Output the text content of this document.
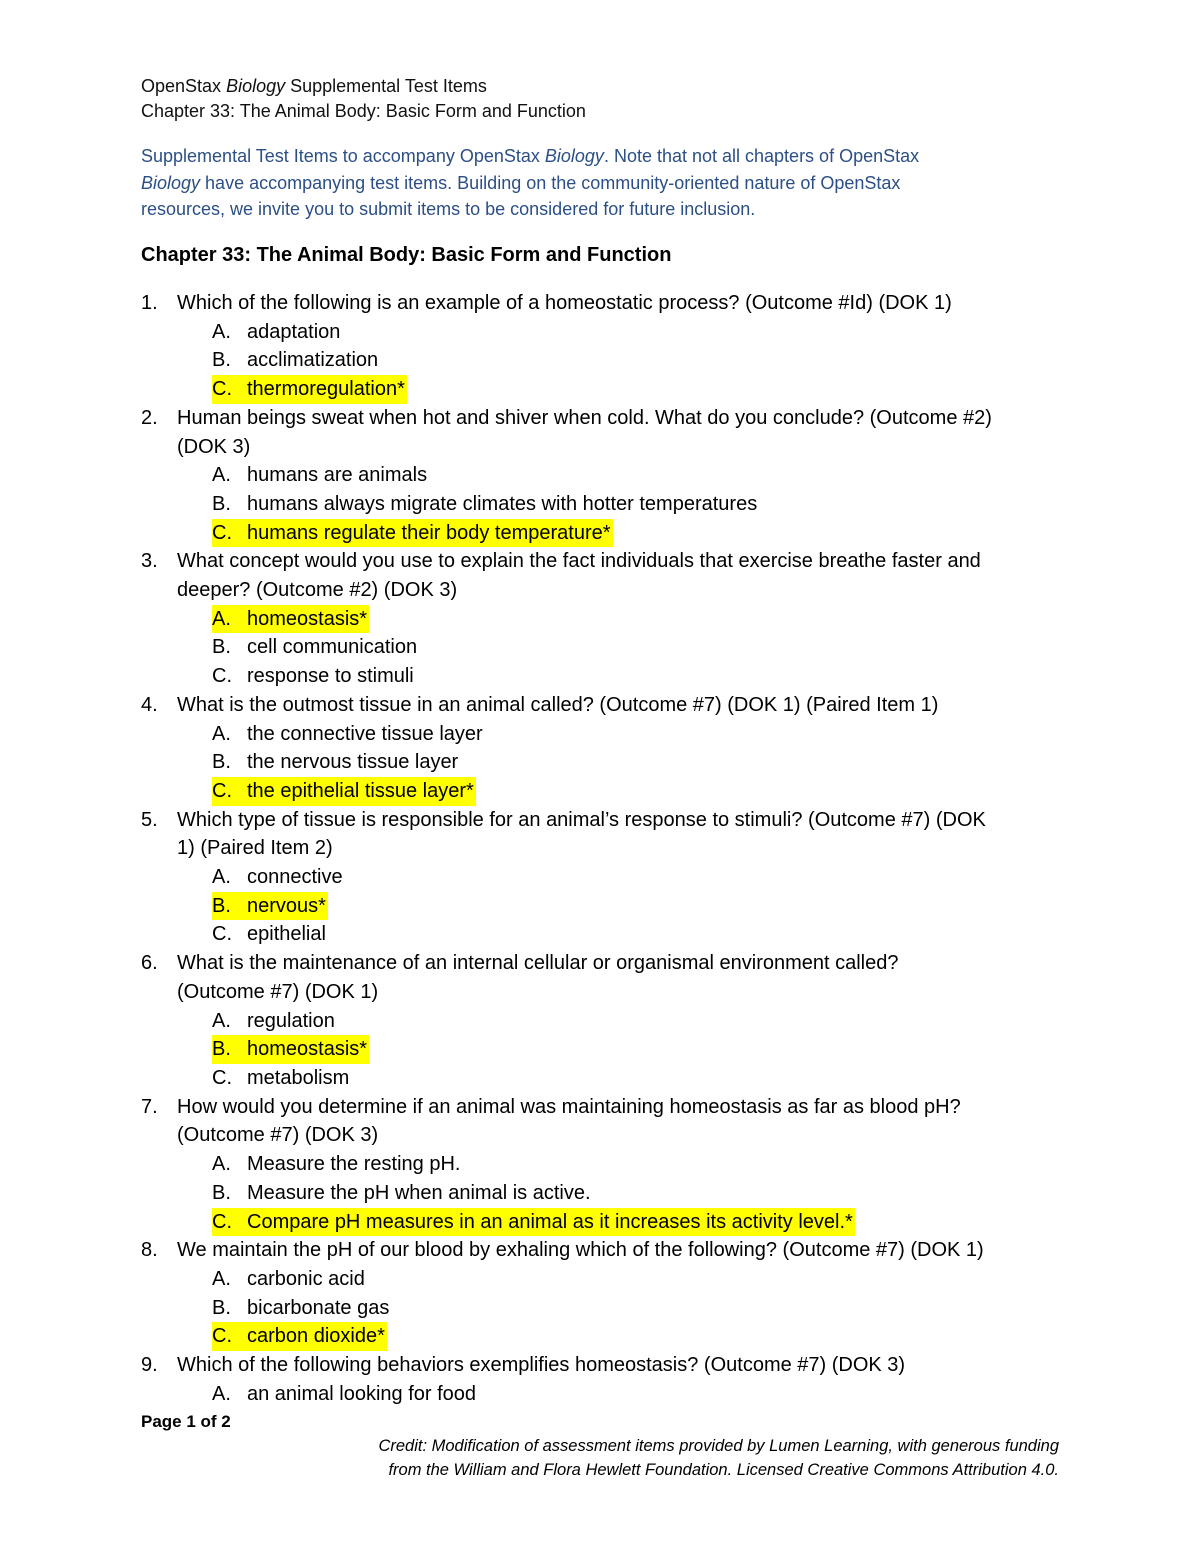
OpenStax Biology Supplemental Test Items
Chapter 33: The Animal Body: Basic Form and Function
Supplemental Test Items to accompany OpenStax Biology. Note that not all chapters of OpenStax
Biology have accompanying test items. Building on the community-oriented nature of OpenStax
resources, we invite you to submit items to be considered for future inclusion.
Chapter 33: The Animal Body: Basic Form and Function
1. Which of the following is an example of a homeostatic process? (Outcome #Id) (DOK 1)
A. adaptation
B. acclimatization
C. thermoregulation*
2. Human beings sweat when hot and shiver when cold. What do you conclude? (Outcome #2)
(DOK 3)
A. humans are animals
B. humans always migrate climates with hotter temperatures
C. humans regulate their body temperature*
3. What concept would you use to explain the fact individuals that exercise breathe faster and
deeper? (Outcome #2) (DOK 3)
A. homeostasis*
B. cell communication
C. response to stimuli
4. What is the outmost tissue in an animal called? (Outcome #7) (DOK 1) (Paired Item 1)
A. the connective tissue layer
B. the nervous tissue layer
C. the epithelial tissue layer*
5. Which type of tissue is responsible for an animal’s response to stimuli? (Outcome #7) (DOK
1) (Paired Item 2)
A. connective
B. nervous*
C. epithelial
6. What is the maintenance of an internal cellular or organismal environment called?
(Outcome #7) (DOK 1)
A. regulation
B. homeostasis*
C. metabolism
7. How would you determine if an animal was maintaining homeostasis as far as blood pH?
(Outcome #7) (DOK 3)
A. Measure the resting pH.
B. Measure the pH when animal is active.
C. Compare pH measures in an animal as it increases its activity level.*
8. We maintain the pH of our blood by exhaling which of the following? (Outcome #7) (DOK 1)
A. carbonic acid
B. bicarbonate gas
C. carbon dioxide*
9. Which of the following behaviors exemplifies homeostasis? (Outcome #7) (DOK 3)
A. an animal looking for food
Page 1 of 2
Credit: Modification of assessment items provided by Lumen Learning, with generous funding
from the William and Flora Hewlett Foundation. Licensed Creative Commons Attribution 4.0.
